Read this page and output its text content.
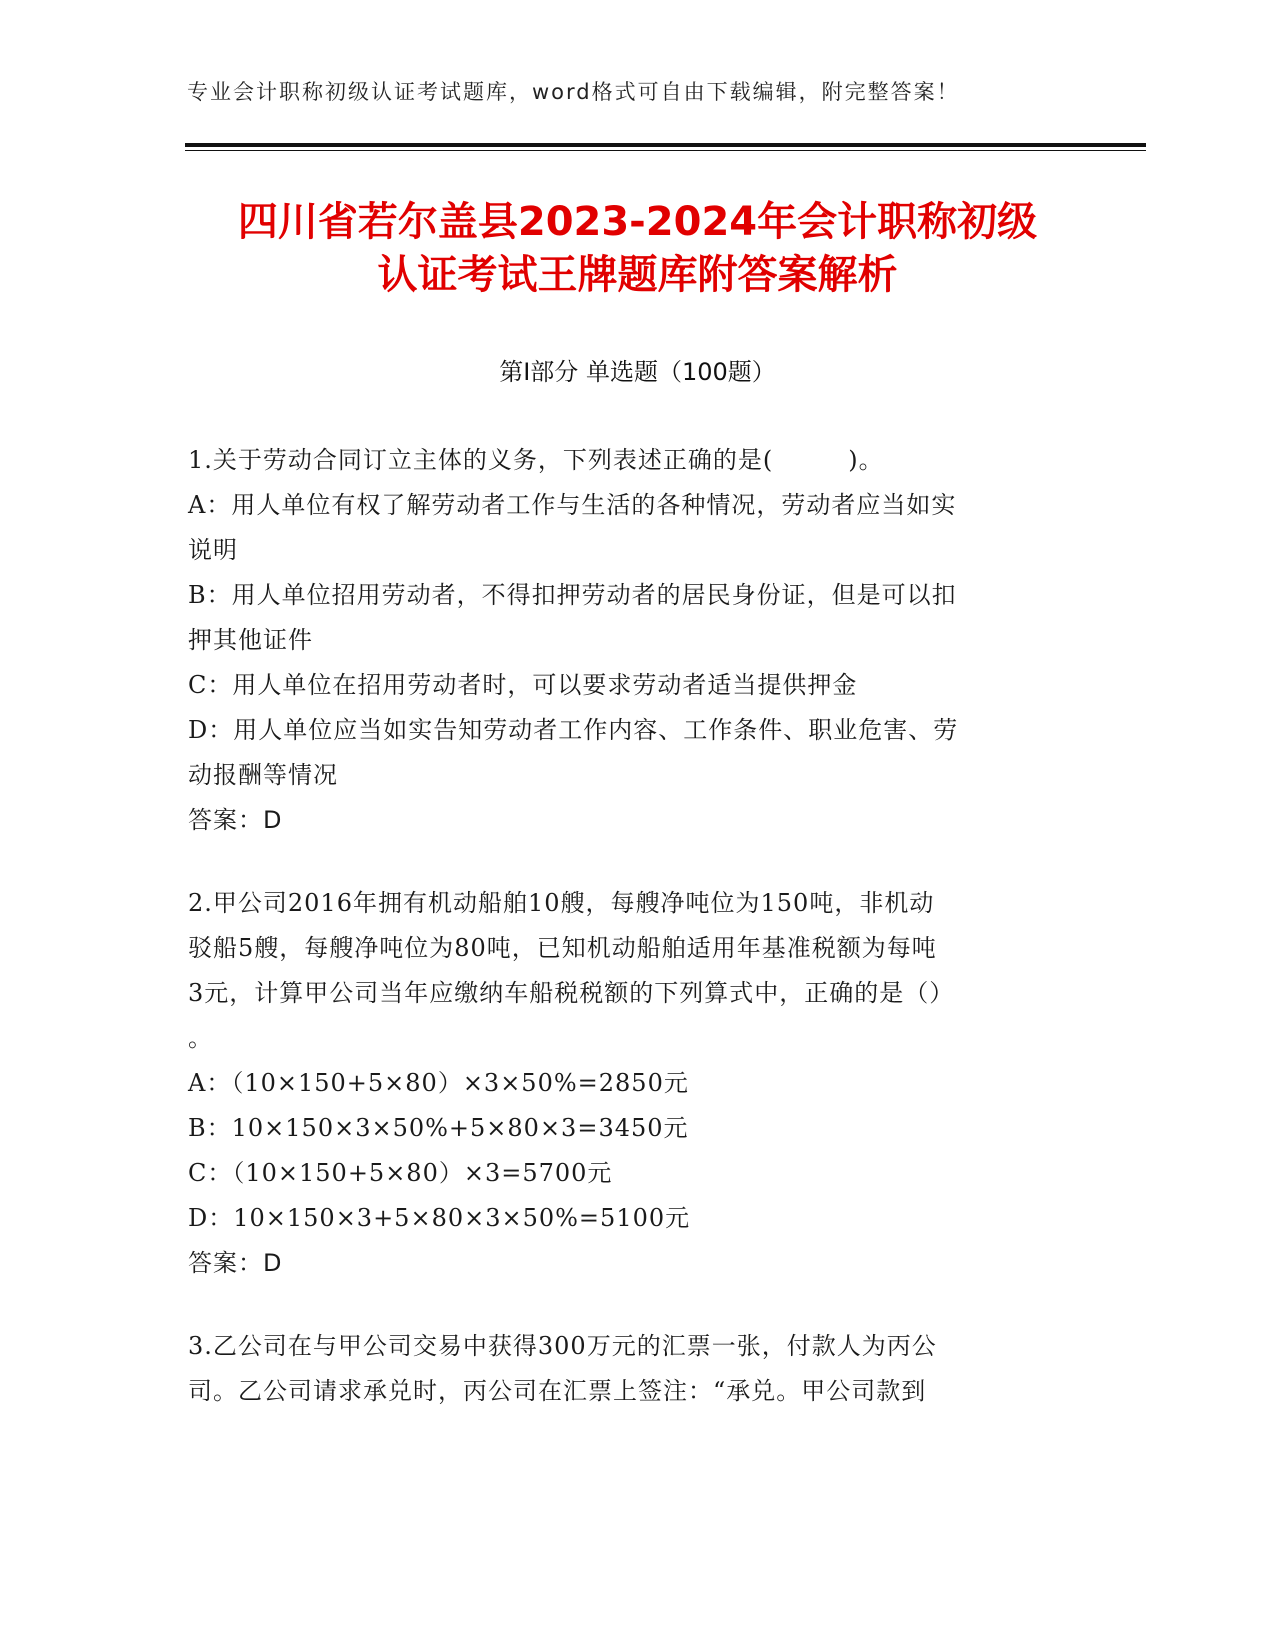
专业会计职称初级认证考试题库，word格式可自由下载编辑，附完整答案！
四川省若尔盖县2023-2024年会计职称初级
认证考试王牌题库附答案解析
第I部分 单选题（100题）

1.关于劳动合同订立主体的义务，下列表述正确的是(　　　)。

A：用人单位有权了解劳动者工作与生活的各种情况，劳动者应当如实

说明

B：用人单位招用劳动者，不得扣押劳动者的居民身份证，但是可以扣

押其他证件

C：用人单位在招用劳动者时，可以要求劳动者适当提供押金

D：用人单位应当如实告知劳动者工作内容、工作条件、职业危害、劳

动报酬等情况

答案：D

2.甲公司2016年拥有机动船舶10艘，每艘净吨位为150吨，非机动

驳船5艘，每艘净吨位为80吨，已知机动船舶适用年基准税额为每吨

3元，计算甲公司当年应缴纳车船税税额的下列算式中，正确的是（）

。

A：（10×150+5×80）×3×50%=2850元

B：10×150×3×50%+5×80×3=3450元

C：（10×150+5×80）×3=5700元

D：10×150×3+5×80×3×50%=5100元

答案：D

3.乙公司在与甲公司交易中获得300万元的汇票一张，付款人为丙公

司。乙公司请求承兑时，丙公司在汇票上签注：“承兑。甲公司款到
